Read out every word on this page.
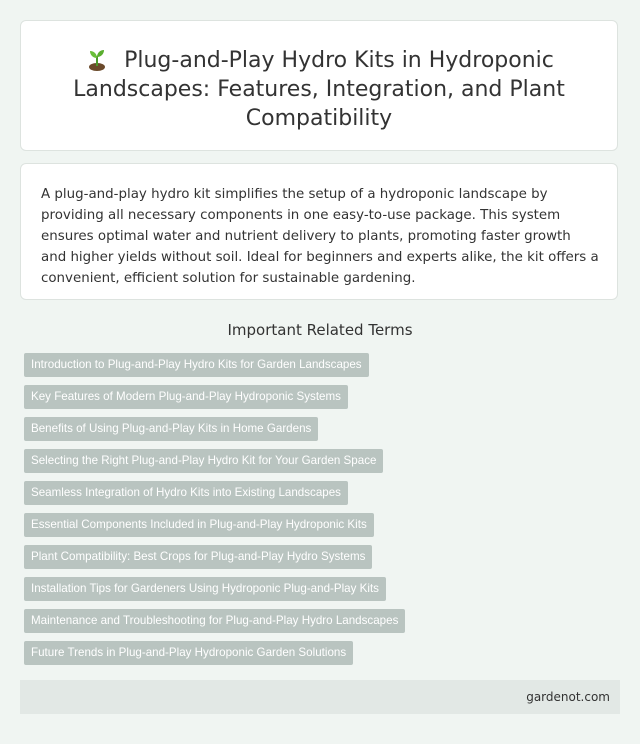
Plug-and-Play Hydro Kits in Hydroponic Landscapes: Features, Integration, and Plant Compatibility

A plug-and-play hydro kit simplifies the setup of a hydroponic landscape by providing all necessary components in one easy-to-use package. This system ensures optimal water and nutrient delivery to plants, promoting faster growth and higher yields without soil. Ideal for beginners and experts alike, the kit offers a convenient, efficient solution for sustainable gardening.

Important Related Terms
Introduction to Plug-and-Play Hydro Kits for Garden Landscapes
Key Features of Modern Plug-and-Play Hydroponic Systems
Benefits of Using Plug-and-Play Kits in Home Gardens
Selecting the Right Plug-and-Play Hydro Kit for Your Garden Space
Seamless Integration of Hydro Kits into Existing Landscapes
Essential Components Included in Plug-and-Play Hydroponic Kits
Plant Compatibility: Best Crops for Plug-and-Play Hydro Systems
Installation Tips for Gardeners Using Hydroponic Plug-and-Play Kits
Maintenance and Troubleshooting for Plug-and-Play Hydro Landscapes
Future Trends in Plug-and-Play Hydroponic Garden Solutions
gardenot.com
